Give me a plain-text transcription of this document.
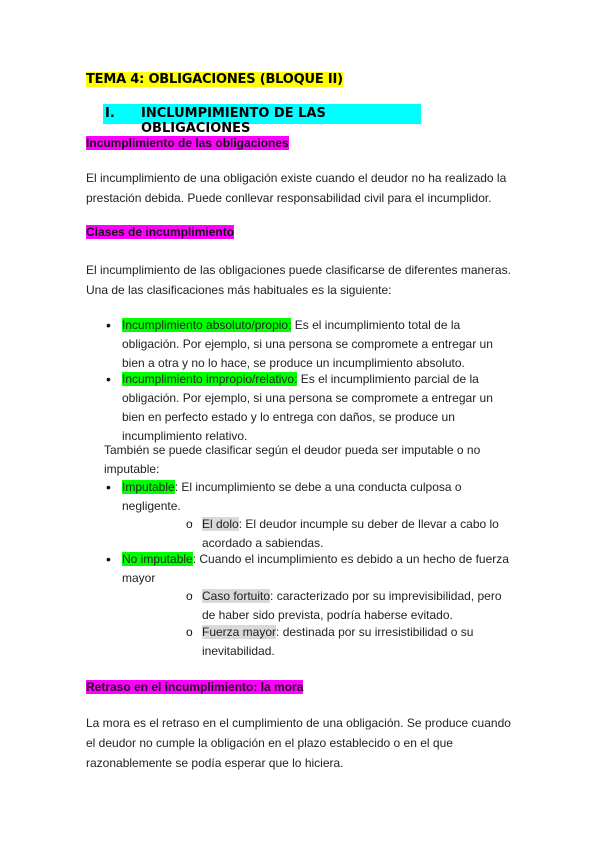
TEMA 4: OBLIGACIONES (BLOQUE II)
I. INCLUMPIMIENTO DE LAS OBLIGACIONES
Incumplimiento de las obligaciones
El incumplimiento de una obligación existe cuando el deudor no ha realizado la
prestación debida. Puede conllevar responsabilidad civil para el incumplidor.
Clases de incumplimiento
El incumplimiento de las obligaciones puede clasificarse de diferentes maneras.
Una de las clasificaciones más habituales es la siguiente:
• Incumplimiento absoluto/propio: Es el incumplimiento total de la
obligación. Por ejemplo, si una persona se compromete a entregar un
bien a otra y no lo hace, se produce un incumplimiento absoluto.
• Incumplimiento impropio/relativo: Es el incumplimiento parcial de la
obligación. Por ejemplo, si una persona se compromete a entregar un
bien en perfecto estado y lo entrega con daños, se produce un
incumplimiento relativo.
También se puede clasificar según el deudor pueda ser imputable o no
imputable:
• Imputable: El incumplimiento se debe a una conducta culposa o
negligente.
o El dolo: El deudor incumple su deber de llevar a cabo lo
acordado a sabiendas.
• No imputable: Cuando el incumplimiento es debido a un hecho de fuerza
mayor
o Caso fortuito: caracterizado por su imprevisibilidad, pero
de haber sido prevista, podría haberse evitado.
o Fuerza mayor: destinada por su irresistibilidad o su
inevitabilidad.
Retraso en el incumplimiento: la mora
La mora es el retraso en el cumplimiento de una obligación. Se produce cuando
el deudor no cumple la obligación en el plazo establecido o en el que
razonablemente se podía esperar que lo hiciera.
